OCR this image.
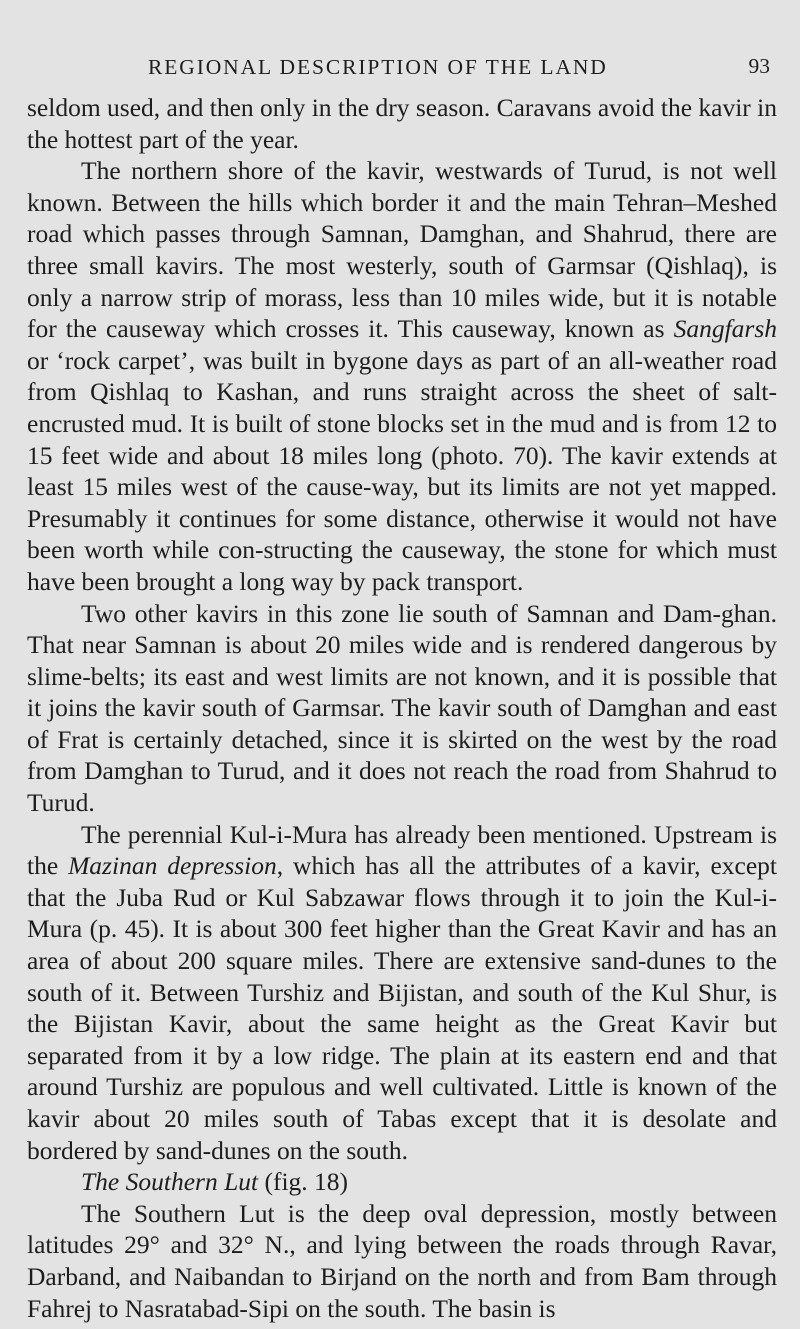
REGIONAL DESCRIPTION OF THE LAND	93

seldom used, and then only in the dry season. Caravans avoid the kavir in the hottest part of the year.

The northern shore of the kavir, westwards of Turud, is not well known. Between the hills which border it and the main Tehran–Meshed road which passes through Samnan, Damghan, and Shahrud, there are three small kavirs. The most westerly, south of Garmsar (Qishlaq), is only a narrow strip of morass, less than 10 miles wide, but it is notable for the causeway which crosses it. This causeway, known as Sangfarsh or ‘rock carpet’, was built in bygone days as part of an all-weather road from Qishlaq to Kashan, and runs straight across the sheet of salt-encrusted mud. It is built of stone blocks set in the mud and is from 12 to 15 feet wide and about 18 miles long (photo. 70). The kavir extends at least 15 miles west of the cause-way, but its limits are not yet mapped. Presumably it continues for some distance, otherwise it would not have been worth while con-structing the causeway, the stone for which must have been brought a long way by pack transport.

Two other kavirs in this zone lie south of Samnan and Dam-ghan. That near Samnan is about 20 miles wide and is rendered dangerous by slime-belts; its east and west limits are not known, and it is possible that it joins the kavir south of Garmsar. The kavir south of Damghan and east of Frat is certainly detached, since it is skirted on the west by the road from Damghan to Turud, and it does not reach the road from Shahrud to Turud.

The perennial Kul-i-Mura has already been mentioned. Upstream is the Mazinan depression, which has all the attributes of a kavir, except that the Juba Rud or Kul Sabzawar flows through it to join the Kul-i-Mura (p. 45). It is about 300 feet higher than the Great Kavir and has an area of about 200 square miles. There are extensive sand-dunes to the south of it. Between Turshiz and Bijistan, and south of the Kul Shur, is the Bijistan Kavir, about the same height as the Great Kavir but separated from it by a low ridge. The plain at its eastern end and that around Turshiz are populous and well cultivated. Little is known of the kavir about 20 miles south of Tabas except that it is desolate and bordered by sand-dunes on the south.

The Southern Lut (fig. 18)

The Southern Lut is the deep oval depression, mostly between latitudes 29° and 32° N., and lying between the roads through Ravar, Darband, and Naibandan to Birjand on the north and from Bam through Fahrej to Nasratabad-Sipi on the south. The basin is
